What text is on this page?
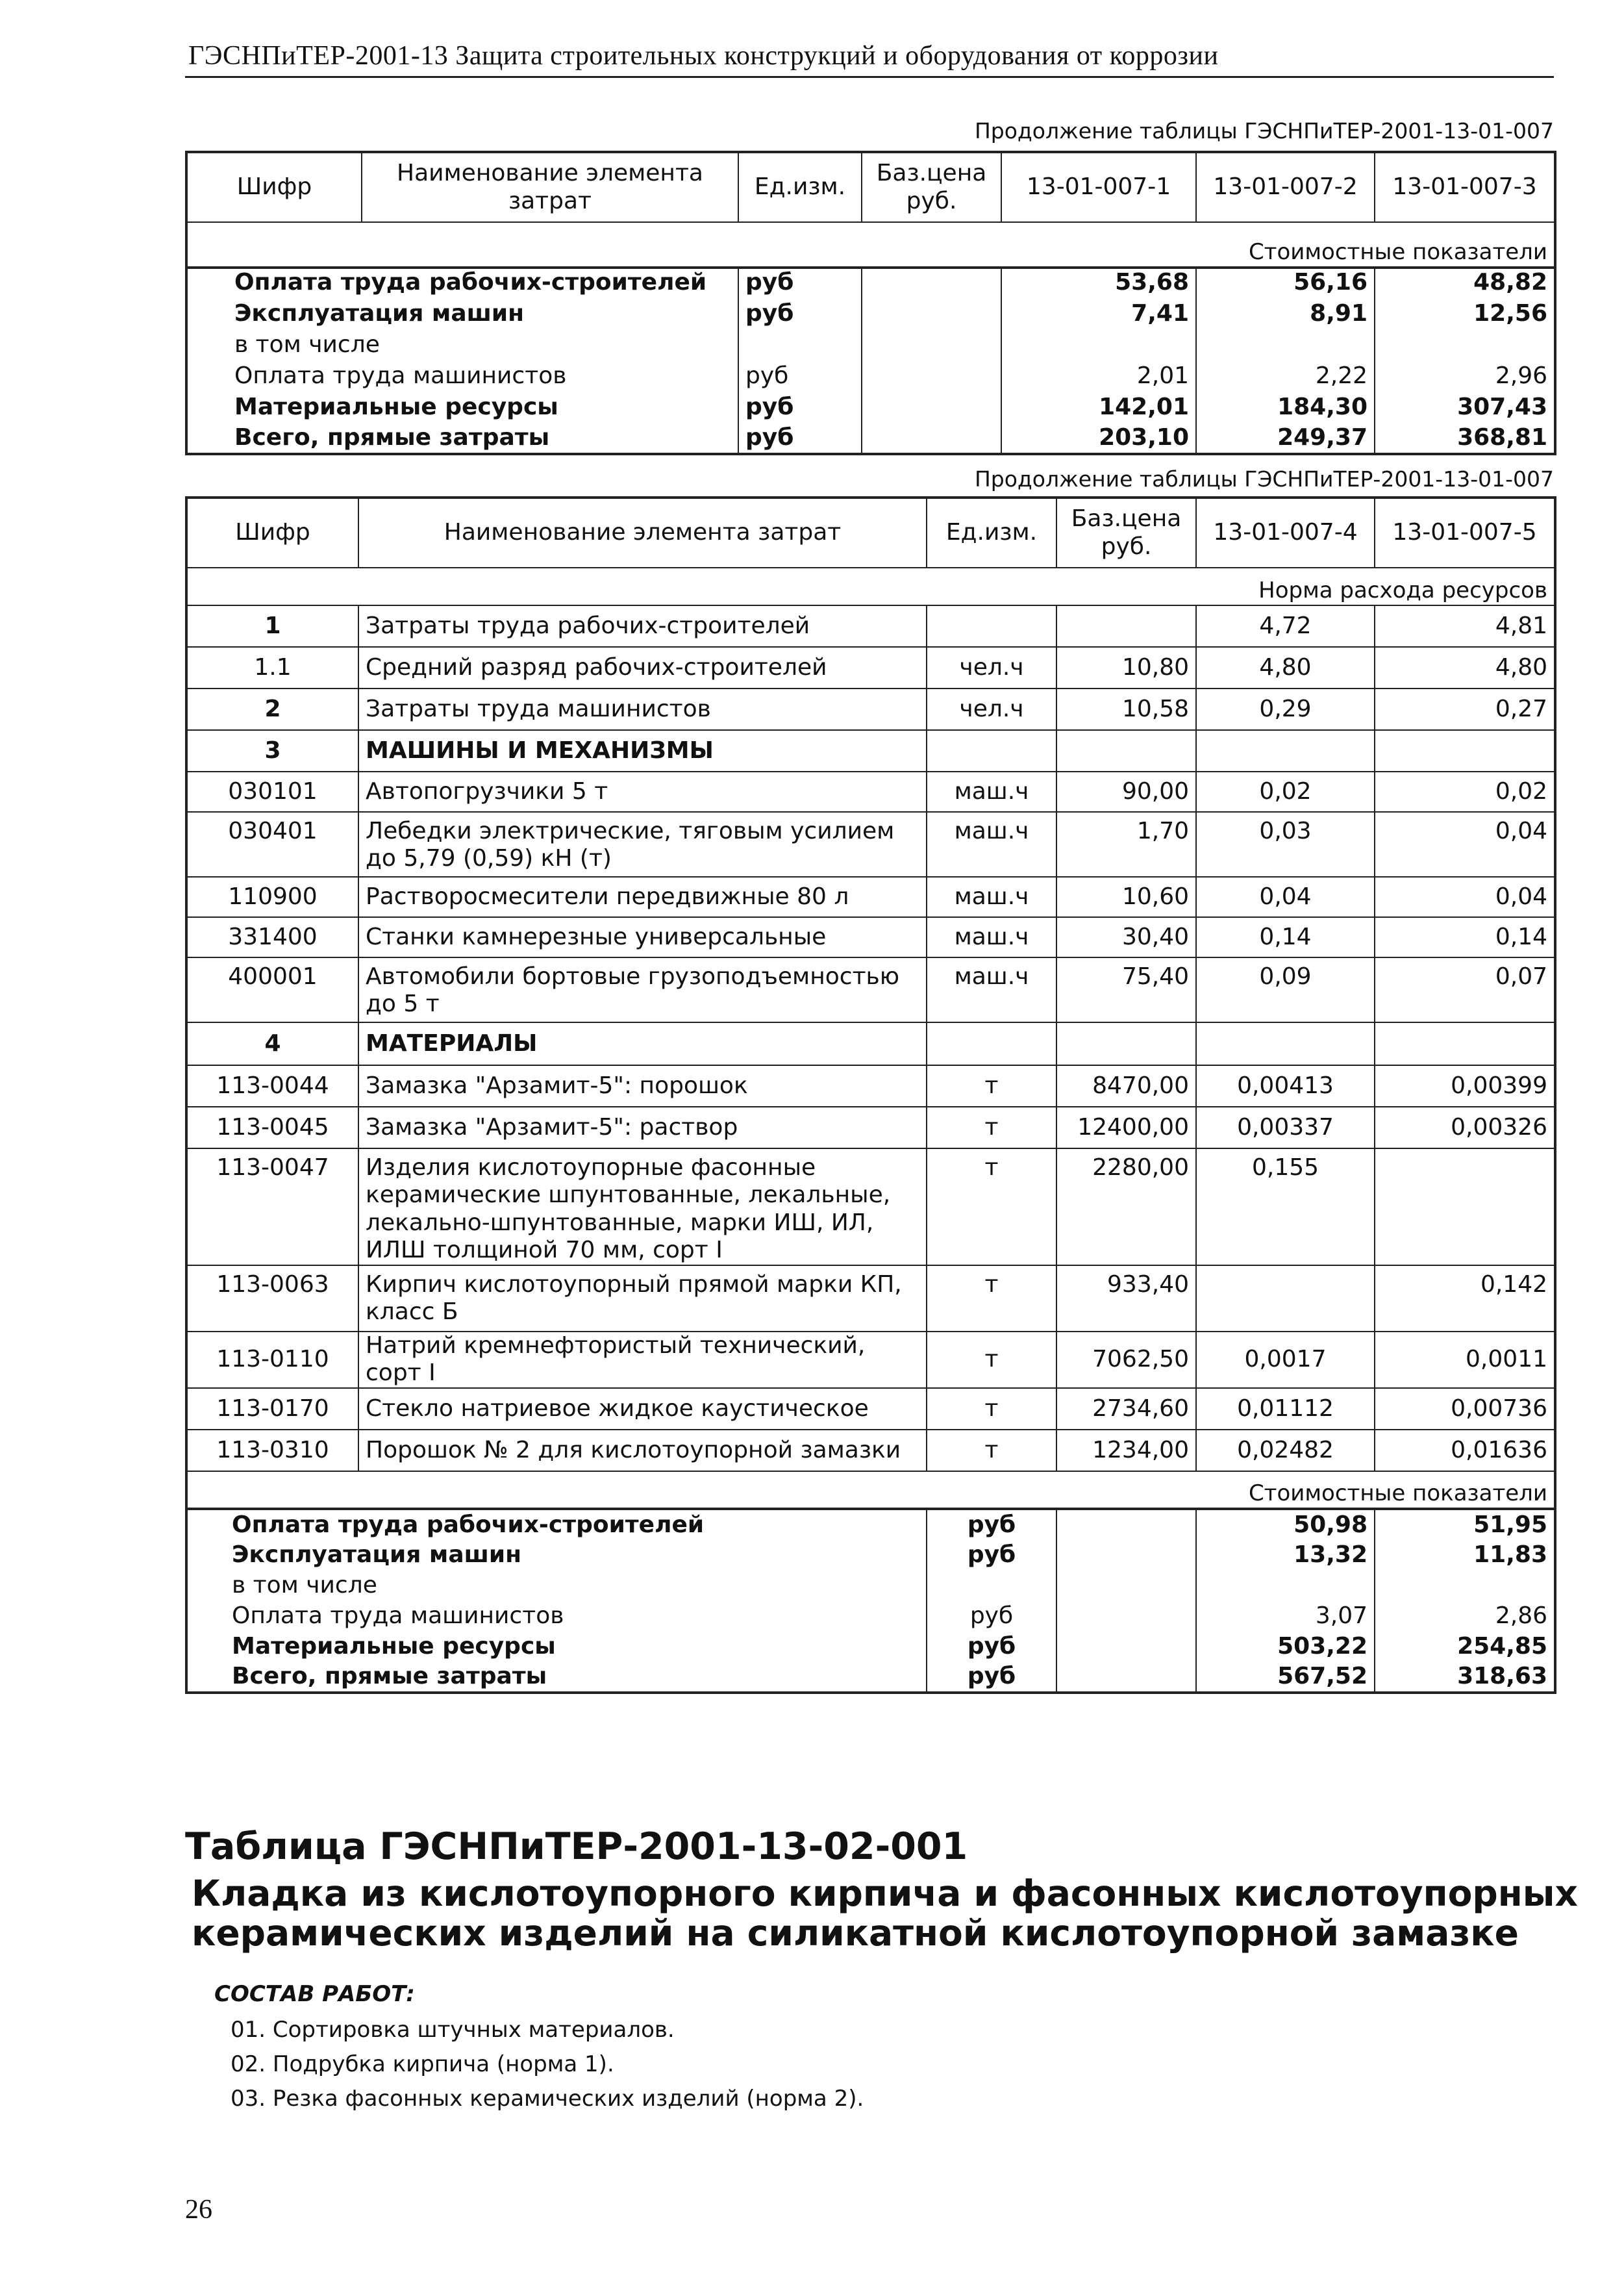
ГЭСНПиТЕР-2001-13 Защита строительных конструкций и оборудования от коррозии
Продолжение таблицы ГЭСНПиТЕР-2001-13-01-007
Шифр	Наименование элемента затрат	Ед.изм.	Баз.цена руб.	13-01-007-1	13-01-007-2	13-01-007-3
Стоимостные показатели
Оплата труда рабочих-строителей	руб		53,68	56,16	48,82
Эксплуатация машин	руб		7,41	8,91	12,56
в том числе					
Оплата труда машинистов	руб		2,01	2,22	2,96
Материальные ресурсы	руб		142,01	184,30	307,43
Всего, прямые затраты	руб		203,10	249,37	368,81
Продолжение таблицы ГЭСНПиТЕР-2001-13-01-007
Шифр	Наименование элемента затрат	Ед.изм.	Баз.цена руб.	13-01-007-4	13-01-007-5
Норма расхода ресурсов					
1	Затраты труда рабочих-строителей			4,72	4,81
1.1	Средний разряд рабочих-строителей	чел.ч	10,80	4,80	4,80
2	Затраты труда машинистов	чел.ч	10,58	0,29	0,27
3	МАШИНЫ И МЕХАНИЗМЫ				
030101	Автопогрузчики 5 т	маш.ч	90,00	0,02	0,02
030401	Лебедки электрические, тяговым усилием до 5,79 (0,59) кН (т)	маш.ч	1,70	0,03	0,04
110900	Растворосмесители передвижные 80 л	маш.ч	10,60	0,04	0,04
331400	Станки камнерезные универсальные	маш.ч	30,40	0,14	0,14
400001	Автомобили бортовые грузоподъемностью до 5 т	маш.ч	75,40	0,09	0,07
4	МАТЕРИАЛЫ				
113-0044	Замазка "Арзамит-5": порошок	т	8470,00	0,00413	0,00399
113-0045	Замазка "Арзамит-5": раствор	т	12400,00	0,00337	0,00326
113-0047	Изделия кислотоупорные фасонные керамические шпунтованные, лекальные, лекально-шпунтованные, марки ИШ, ИЛ, ИЛШ толщиной 70 мм, сорт I	т	2280,00	0,155	
113-0063	Кирпич кислотоупорный прямой марки КП, класс Б	т	933,40		0,142
113-0110	Натрий кремнефтористый технический, сорт I	т	7062,50	0,0017	0,0011
113-0170	Стекло натриевое жидкое каустическое	т	2734,60	0,01112	0,00736
113-0310	Порошок № 2 для кислотоупорной замазки	т	1234,00	0,02482	0,01636
Стоимостные показатели					
Оплата труда рабочих-строителей	руб		50,98	51,95
Эксплуатация машин	руб		13,32	11,83
в том числе				
Оплата труда машинистов	руб		3,07	2,86
Материальные ресурсы	руб		503,22	254,85
Всего, прямые затраты	руб		567,52	318,63
Таблица ГЭСНПиТЕР-2001-13-02-001
Кладка из кислотоупорного кирпича и фасонных кислотоупорных керамических изделий на силикатной кислотоупорной замазке
СОСТАВ РАБОТ:
01. Сортировка штучных материалов.
02. Подрубка кирпича (норма 1).
03. Резка фасонных керамических изделий (норма 2).
26
